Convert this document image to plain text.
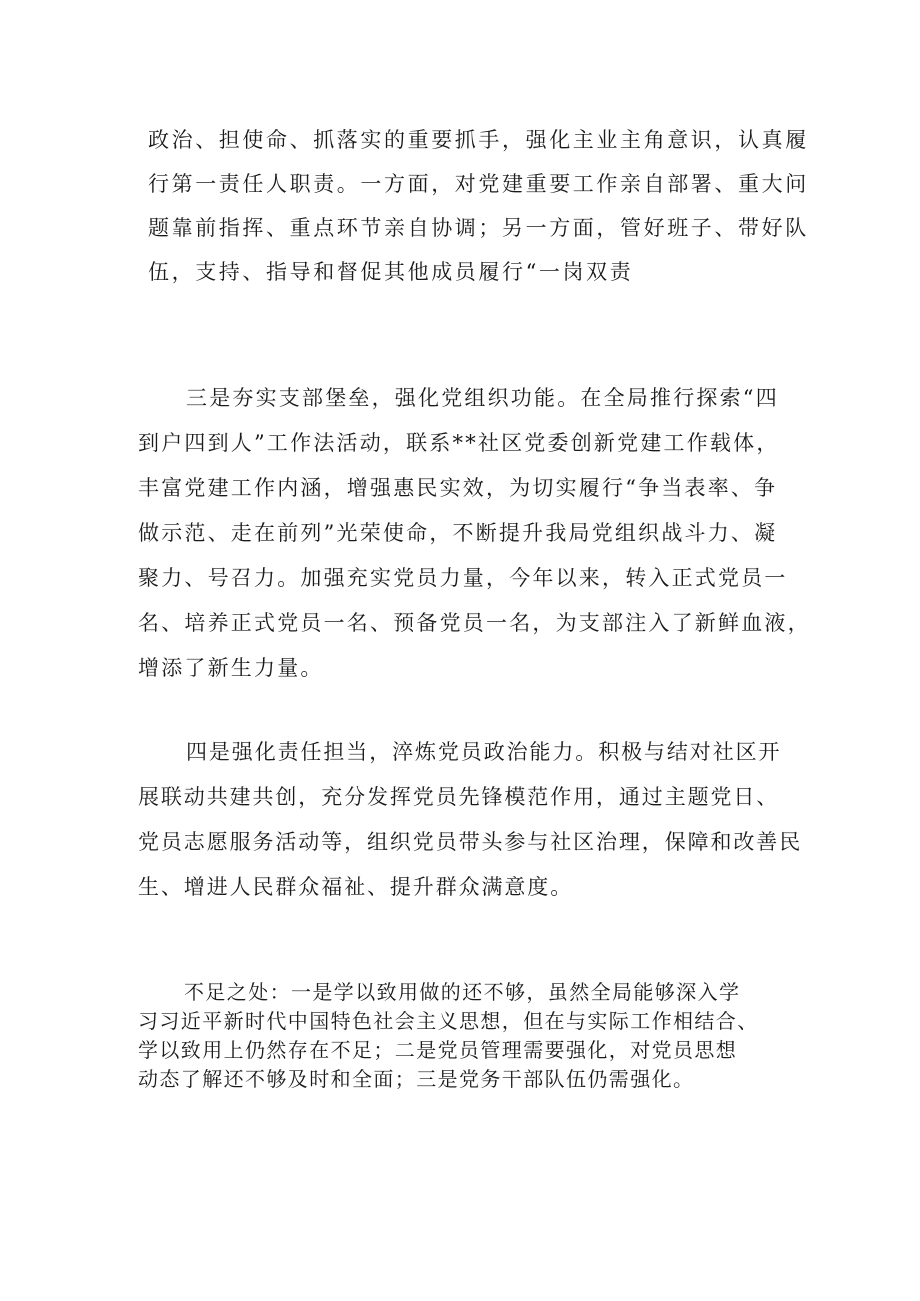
政治、担使命、抓落实的重要抓手，强化主业主角意识，认真履
行第一责任人职责。一方面，对党建重要工作亲自部署、重大问
题靠前指挥、重点环节亲自协调；另一方面，管好班子、带好队
伍，支持、指导和督促其他成员履行“一岗双责
三是夯实支部堡垒，强化党组织功能。在全局推行探索“四
到户四到人”工作法活动，联系**社区党委创新党建工作载体，
丰富党建工作内涵，增强惠民实效，为切实履行“争当表率、争
做示范、走在前列”光荣使命，不断提升我局党组织战斗力、凝
聚力、号召力。加强充实党员力量，今年以来，转入正式党员一
名、培养正式党员一名、预备党员一名，为支部注入了新鲜血液，
增添了新生力量。
四是强化责任担当，淬炼党员政治能力。积极与结对社区开
展联动共建共创，充分发挥党员先锋模范作用，通过主题党日、
党员志愿服务活动等，组织党员带头参与社区治理，保障和改善民
生、增进人民群众福祉、提升群众满意度。
不足之处：一是学以致用做的还不够，虽然全局能够深入学
习习近平新时代中国特色社会主义思想，但在与实际工作相结合、
学以致用上仍然存在不足；二是党员管理需要强化，对党员思想
动态了解还不够及时和全面；三是党务干部队伍仍需强化。
